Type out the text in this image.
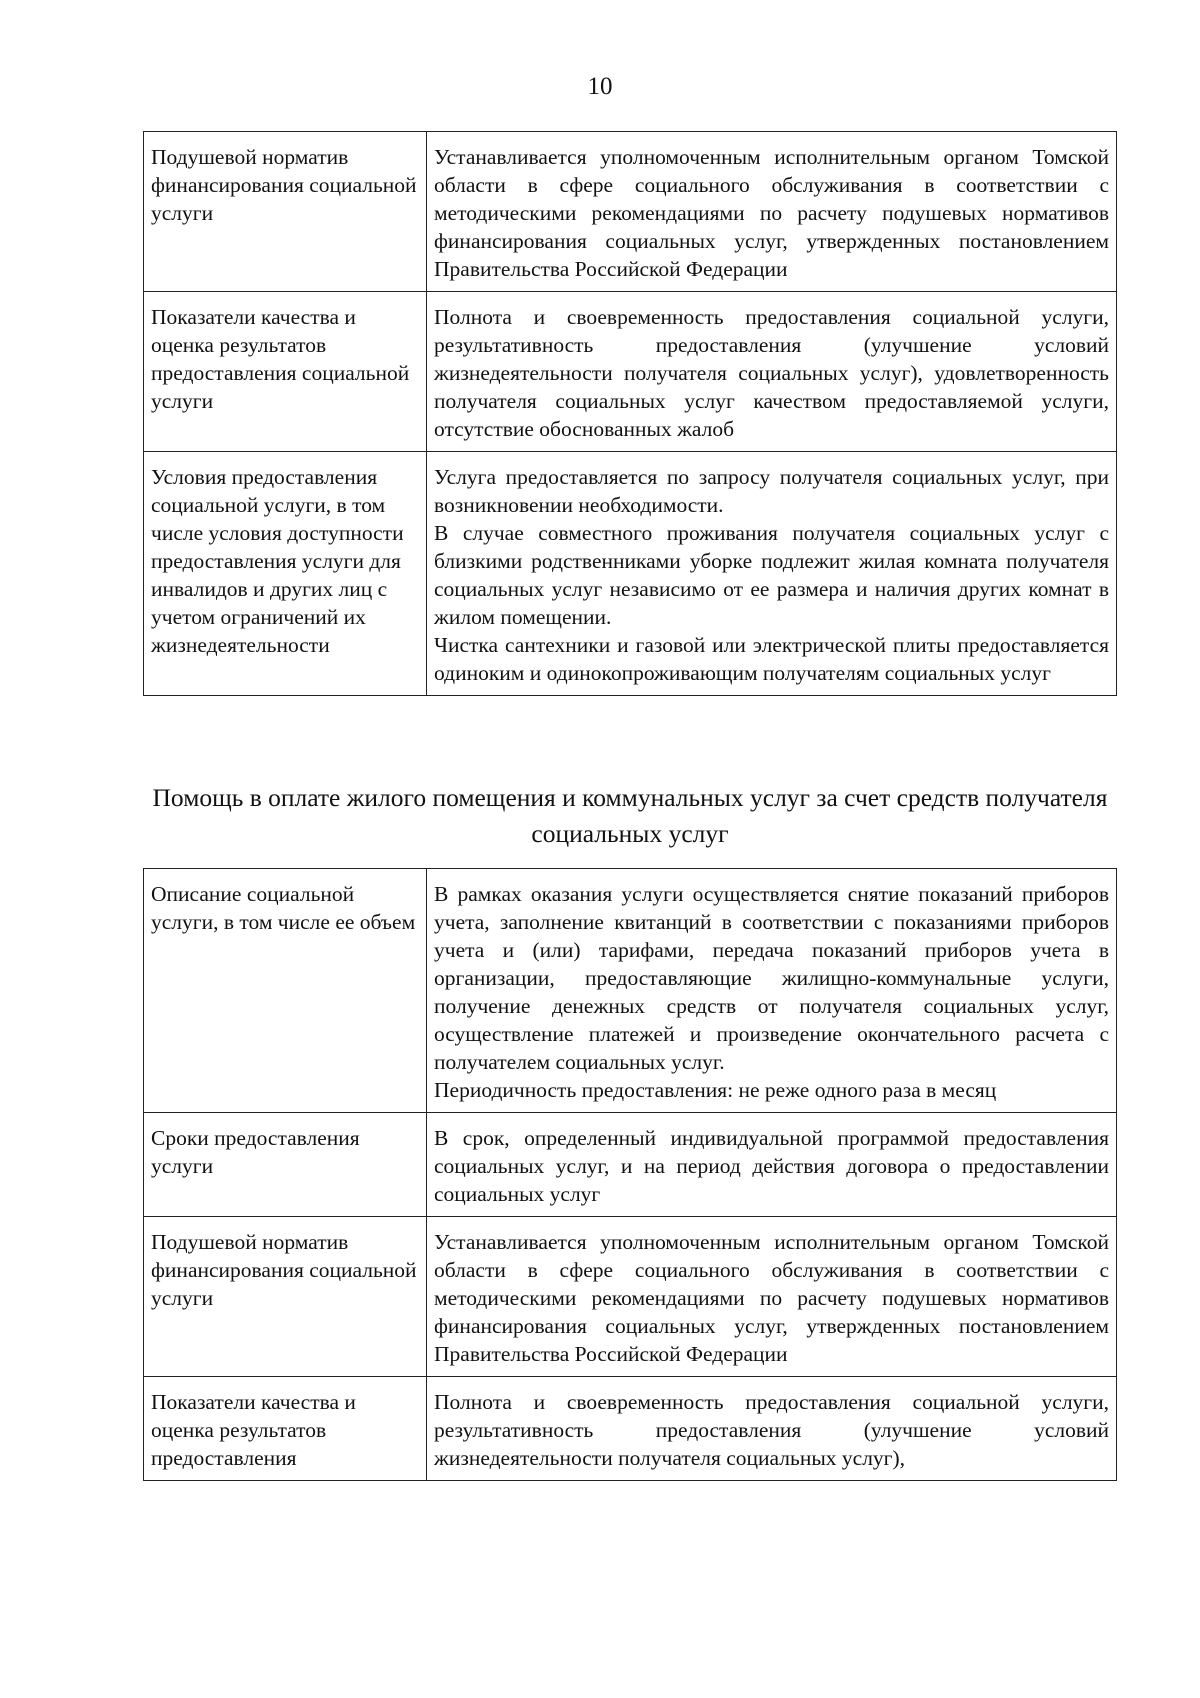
10
Подушевой норматив финансирования социальной услуги	Устанавливается уполномоченным исполнительным органом Томской области в сфере социального обслуживания в соответствии с методическими рекомендациями по расчету подушевых нормативов финансирования социальных услуг, утвержденных постановлением Правительства Российской Федерации

Показатели качества и оценка результатов предоставления социальной услуги	Полнота и своевременность предоставления социальной услуги, результативность предоставления (улучшение условий жизнедеятельности получателя социальных услуг), удовлетворенность получателя социальных услуг качеством предоставляемой услуги, отсутствие обоснованных жалоб

Условия предоставления социальной услуги, в том числе условия доступности предоставления услуги для инвалидов и других лиц с учетом ограничений их жизнедеятельности	Услуга предоставляется по запросу получателя социальных услуг, при возникновении необходимости.

В случае совместного проживания получателя социальных услуг с близкими родственниками уборке подлежит жилая комната получателя социальных услуг независимо от ее размера и наличия других комнат в жилом помещении.

Чистка сантехники и газовой или электрической плиты предоставляется одиноким и одинокопроживающим получателям социальных услуг

Помощь в оплате жилого помещения и коммунальных услуг за счет средств получателя социальных услуг
Описание социальной услуги, в том числе ее объем	В рамках оказания услуги осуществляется снятие показаний приборов учета, заполнение квитанций в соответствии с показаниями приборов учета и (или) тарифами, передача показаний приборов учета в организации, предоставляющие жилищно-коммунальные услуги, получение денежных средств от получателя социальных услуг, осуществление платежей и произведение окончательного расчета с получателем социальных услуг.

Периодичность предоставления: не реже одного раза в месяц

Сроки предоставления услуги	В срок, определенный индивидуальной программой предоставления социальных услуг, и на период действия договора о предоставлении социальных услуг

Подушевой норматив финансирования социальной услуги	Устанавливается уполномоченным исполнительным органом Томской области в сфере социального обслуживания в соответствии с методическими рекомендациями по расчету подушевых нормативов финансирования социальных услуг, утвержденных постановлением Правительства Российской Федерации

Показатели качества и оценка результатов предоставления	Полнота и своевременность предоставления социальной услуги, результативность предоставления (улучшение условий жизнедеятельности получателя социальных услуг),
